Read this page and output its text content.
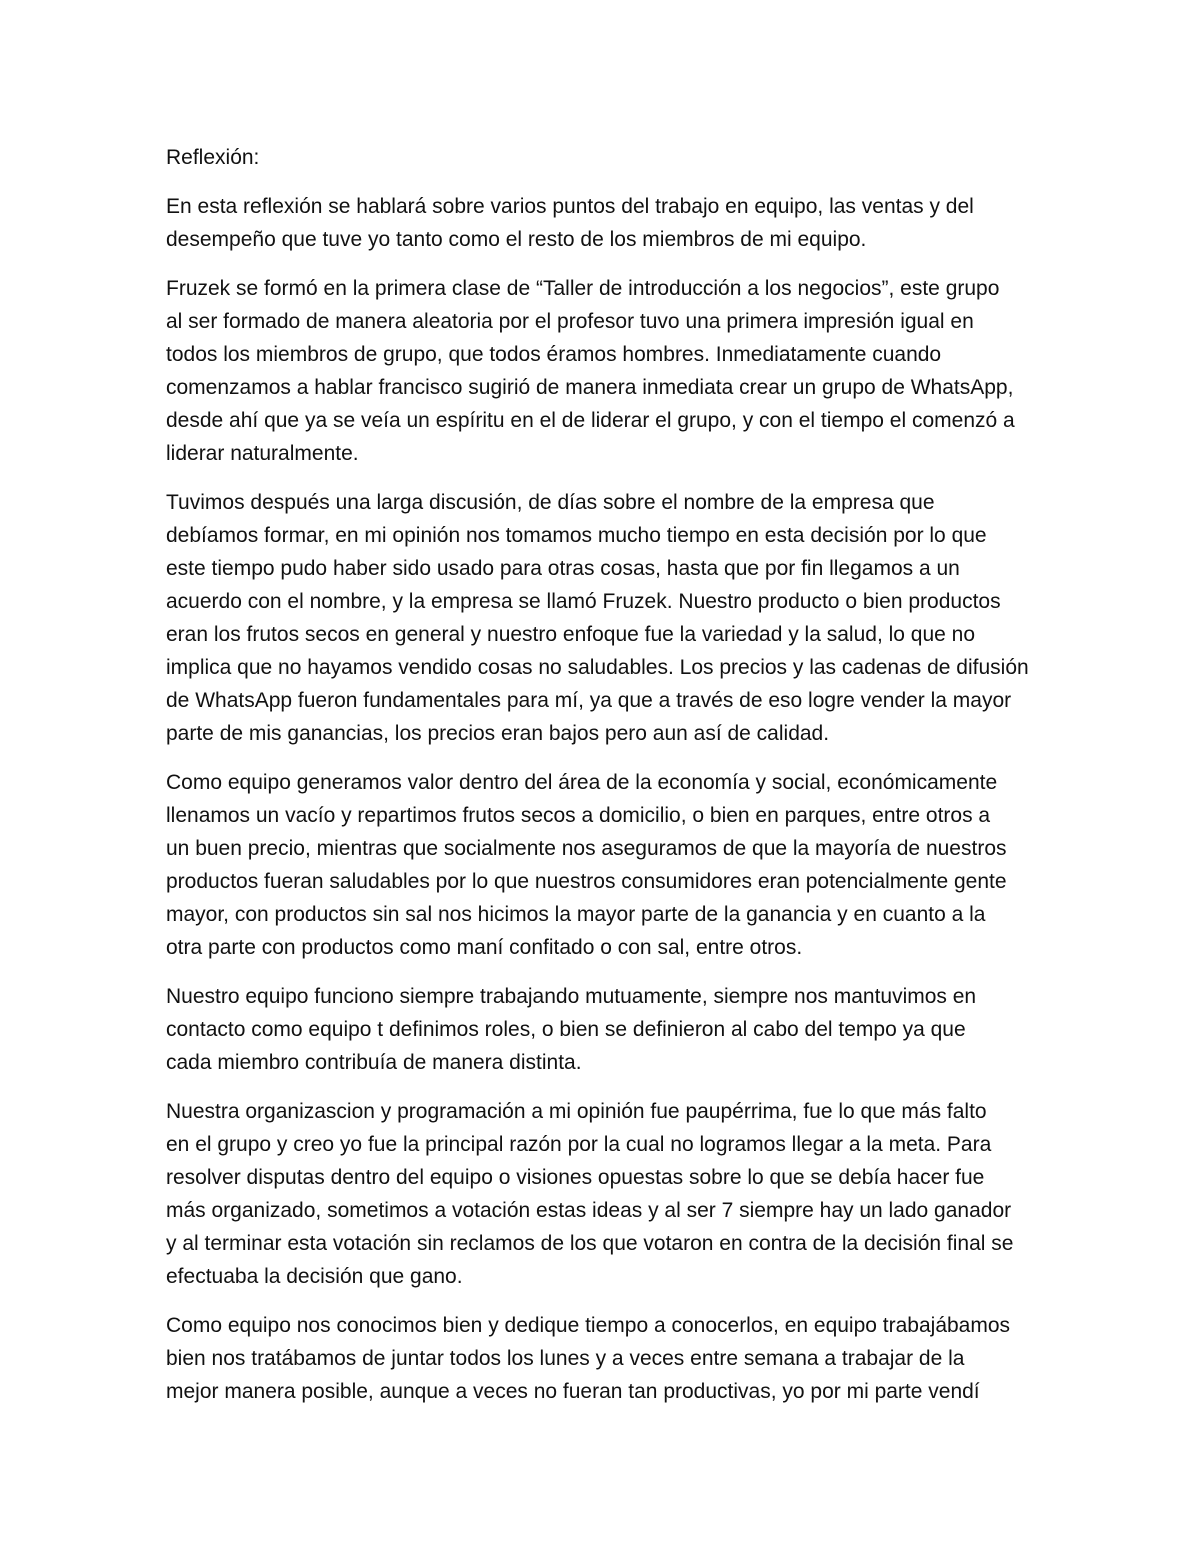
Reflexión:
En esta reflexión se hablará sobre varios puntos del trabajo en equipo, las ventas y del
desempeño que tuve yo tanto como el resto de los miembros de mi equipo.
Fruzek se formó en la primera clase de “Taller de introducción a los negocios”, este grupo
al ser formado de manera aleatoria por el profesor tuvo una primera impresión igual en
todos los miembros de grupo, que todos éramos hombres. Inmediatamente cuando
comenzamos a hablar francisco sugirió de manera inmediata crear un grupo de WhatsApp,
desde ahí que ya se veía un espíritu en el de liderar el grupo, y con el tiempo el comenzó a
liderar naturalmente.
Tuvimos después una larga discusión, de días sobre el nombre de la empresa que
debíamos formar, en mi opinión nos tomamos mucho tiempo en esta decisión por lo que
este tiempo pudo haber sido usado para otras cosas, hasta que por fin llegamos a un
acuerdo con el nombre, y la empresa se llamó Fruzek. Nuestro producto o bien productos
eran los frutos secos en general y nuestro enfoque fue la variedad y la salud, lo que no
implica que no hayamos vendido cosas no saludables. Los precios y las cadenas de difusión
de WhatsApp fueron fundamentales para mí, ya que a través de eso logre vender la mayor
parte de mis ganancias, los precios eran bajos pero aun así de calidad.
Como equipo generamos valor dentro del área de la economía y social, económicamente
llenamos un vacío y repartimos frutos secos a domicilio, o bien en parques, entre otros a
un buen precio, mientras que socialmente nos aseguramos de que la mayoría de nuestros
productos fueran saludables por lo que nuestros consumidores eran potencialmente gente
mayor, con productos sin sal nos hicimos la mayor parte de la ganancia y en cuanto a la
otra parte con productos como maní confitado o con sal, entre otros.
Nuestro equipo funciono siempre trabajando mutuamente, siempre nos mantuvimos en
contacto como equipo t definimos roles, o bien se definieron al cabo del tempo ya que
cada miembro contribuía de manera distinta.
Nuestra organizascion y programación a mi opinión fue paupérrima, fue lo que más falto
en el grupo y creo yo fue la principal razón por la cual no logramos llegar a la meta. Para
resolver disputas dentro del equipo o visiones opuestas sobre lo que se debía hacer fue
más organizado, sometimos a votación estas ideas y al ser 7 siempre hay un lado ganador
y al terminar esta votación sin reclamos de los que votaron en contra de la decisión final se
efectuaba la decisión que gano.
Como equipo nos conocimos bien y dedique tiempo a conocerlos, en equipo trabajábamos
bien nos tratábamos de juntar todos los lunes y a veces entre semana a trabajar de la
mejor manera posible, aunque a veces no fueran tan productivas, yo por mi parte vendí
